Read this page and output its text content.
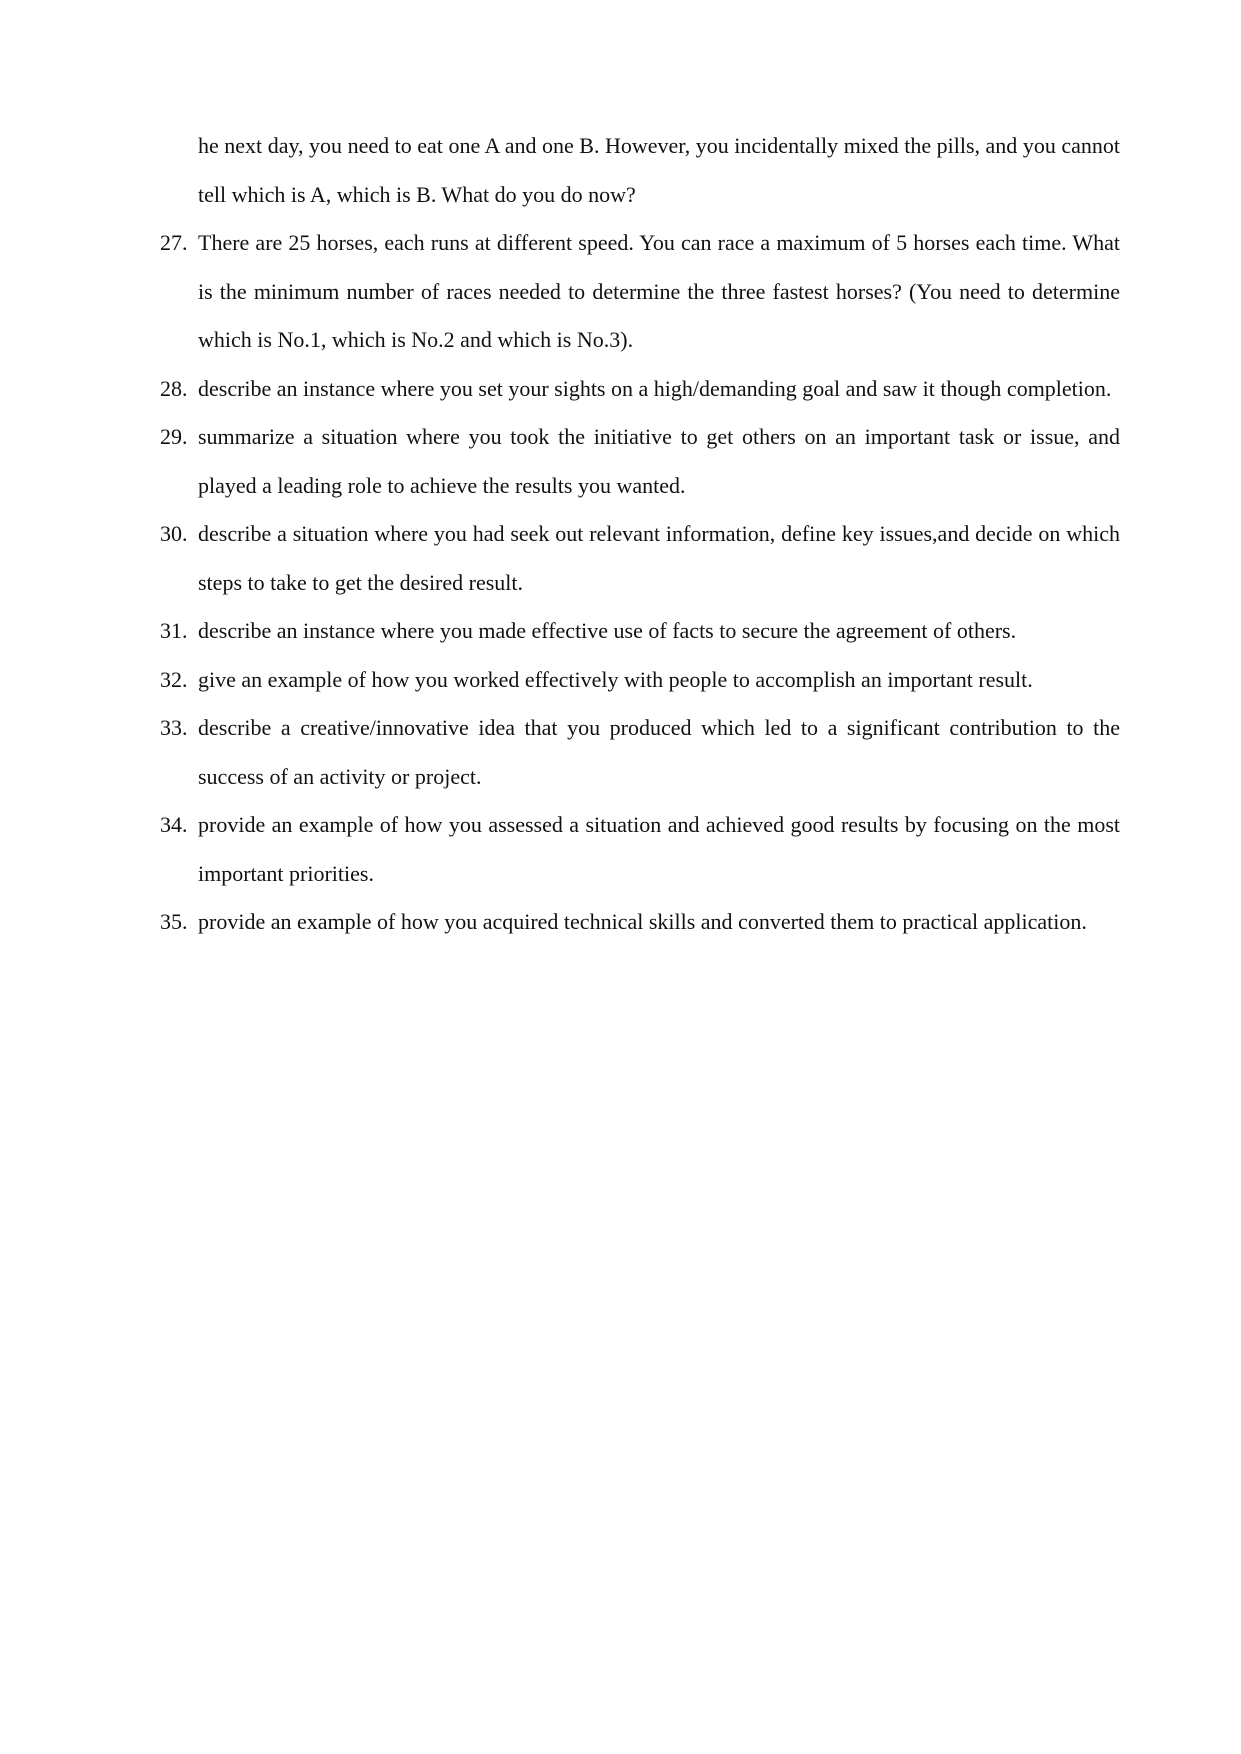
he next day, you need to eat one A and one B. However, you incidentally mixed the pills, and you cannot tell which is A, which is B. What do you do now?
27. There are 25 horses, each runs at different speed. You can race a maximum of 5 horses each time. What is the minimum number of races needed to determine the three fastest horses? (You need to determine which is No.1, which is No.2 and which is No.3).
28. describe an instance where you set your sights on a high/demanding goal and saw it though completion.
29. summarize a situation where you took the initiative to get others on an important task or issue, and played a leading role to achieve the results you wanted.
30. describe a situation where you had seek out relevant information, define key issues,and decide on which steps to take to get the desired result.
31. describe an instance where you made effective use of facts to secure the agreement of others.
32. give an example of how you worked effectively with people to accomplish an important result.
33. describe a creative/innovative idea that you produced which led to a significant contribution to the success of an activity or project.
34. provide an example of how you assessed a situation and achieved good results by focusing on the most important priorities.
35. provide an example of how you acquired technical skills and converted them to practical application.
